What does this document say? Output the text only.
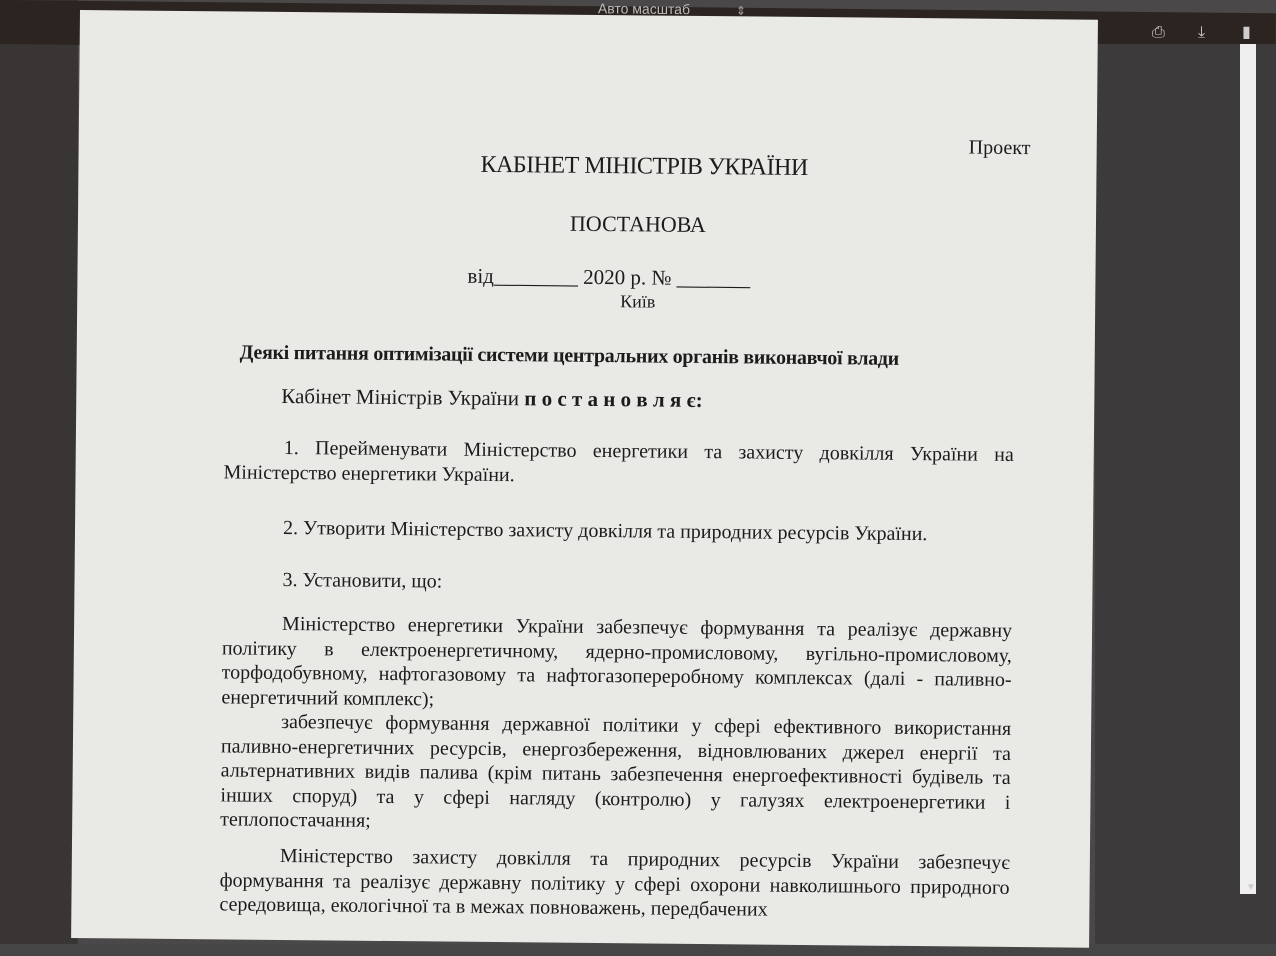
Авто масштаб	⇕
⎙	⤓	▮
▼
Проект
КАБІНЕТ МІНІСТРІВ УКРАЇНИ
ПОСТАНОВА
від________ 2020 р. № _______
Київ
Деякі питання оптимізації системи центральних органів виконавчої влади
Кабінет Міністрів України п о с т а н о в л я є:

1. Перейменувати Міністерство енергетики та захисту довкілля України на Міністерство енергетики України.

2. Утворити Міністерство захисту довкілля та природних ресурсів України.
3. Установити, що:

Міністерство енергетики України забезпечує формування та реалізує державну політику в електроенергетичному, ядерно-промисловому, вугільно-промисловому, торфодобувному, нафтогазовому та нафтогазопереробному комплексах (далі - паливно-енергетичний комплекс);

забезпечує формування державної політики у сфері ефективного використання паливно-енергетичних ресурсів, енергозбереження, відновлюваних джерел енергії та альтернативних видів палива (крім питань забезпечення енергоефективності будівель та інших споруд) та у сфері нагляду (контролю) у галузях електроенергетики і теплопостачання;

Міністерство захисту довкілля та природних ресурсів України забезпечує формування та реалізує державну політику у сфері охорони навколишнього природного середовища, екологічної та в межах повноважень, передбачених
